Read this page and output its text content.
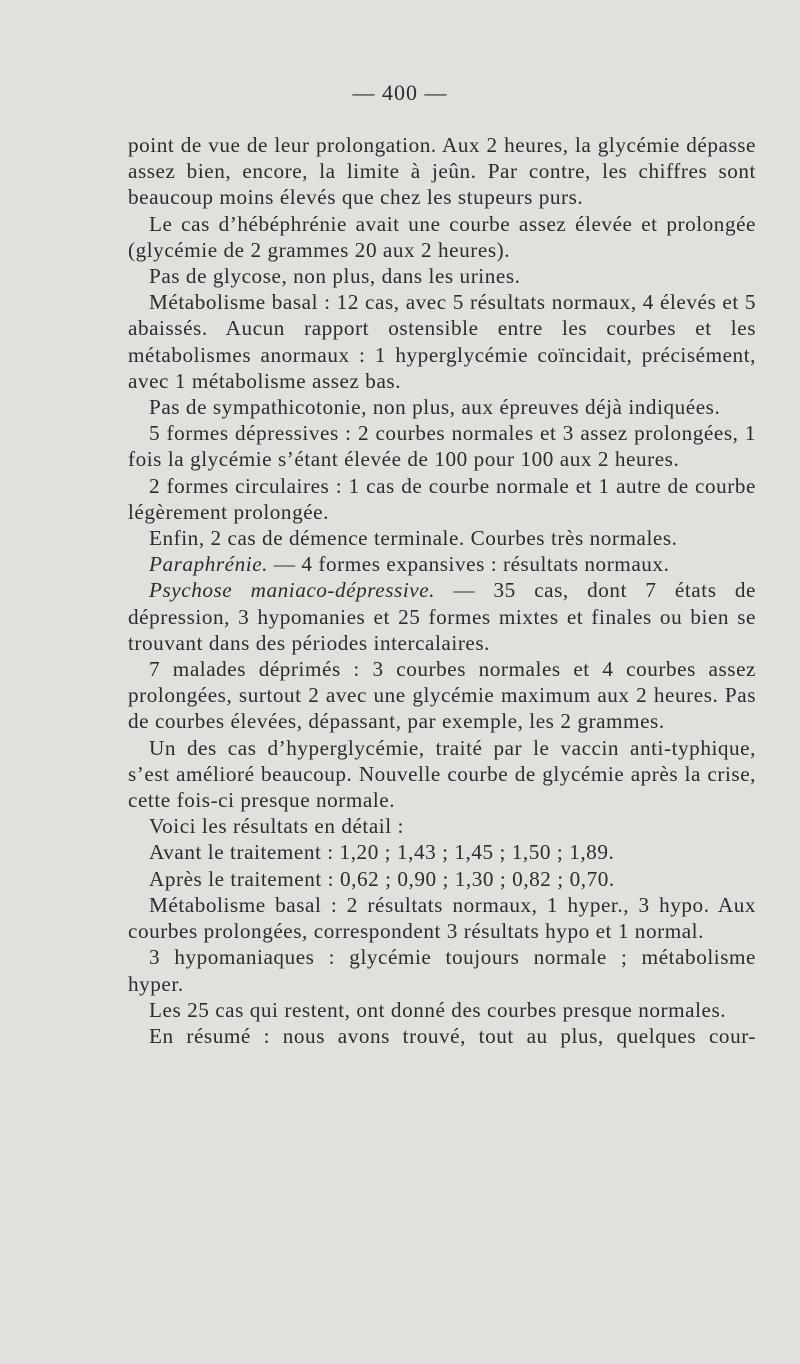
— 400 —

point de vue de leur prolongation. Aux 2 heures, la glycémie dépasse assez bien, encore, la limite à jeûn. Par contre, les chiffres sont beaucoup moins élevés que chez les stupeurs purs.

Le cas d’hébéphrénie avait une courbe assez élevée et prolongée (glycémie de 2 grammes 20 aux 2 heures).

Pas de glycose, non plus, dans les urines.

Métabolisme basal : 12 cas, avec 5 résultats normaux, 4 élevés et 5 abaissés. Aucun rapport ostensible entre les courbes et les métabolismes anormaux : 1 hyperglycémie coïncidait, précisément, avec 1 métabolisme assez bas.

Pas de sympathicotonie, non plus, aux épreuves déjà indiquées.

5 formes dépressives : 2 courbes normales et 3 assez prolongées, 1 fois la glycémie s’étant élevée de 100 pour 100 aux 2 heures.

2 formes circulaires : 1 cas de courbe normale et 1 autre de courbe légèrement prolongée.

Enfin, 2 cas de démence terminale. Courbes très normales.

Paraphrénie. — 4 formes expansives : résultats normaux.

Psychose maniaco-dépressive. — 35 cas, dont 7 états de dépression, 3 hypomanies et 25 formes mixtes et finales ou bien se trouvant dans des périodes intercalaires.

7 malades déprimés : 3 courbes normales et 4 courbes assez prolongées, surtout 2 avec une glycémie maximum aux 2 heures. Pas de courbes élevées, dépassant, par exemple, les 2 grammes.

Un des cas d’hyperglycémie, traité par le vaccin anti-typhique, s’est amélioré beaucoup. Nouvelle courbe de glycémie après la crise, cette fois-ci presque normale.

Voici les résultats en détail :

Avant le traitement : 1,20 ; 1,43 ; 1,45 ; 1,50 ; 1,89.

Après le traitement : 0,62 ; 0,90 ; 1,30 ; 0,82 ; 0,70.

Métabolisme basal : 2 résultats normaux, 1 hyper., 3 hypo. Aux courbes prolongées, correspondent 3 résultats hypo et 1 normal.

3 hypomaniaques : glycémie toujours normale ; métabolisme hyper.

Les 25 cas qui restent, ont donné des courbes presque normales.

En résumé : nous avons trouvé, tout au plus, quelques cour-
